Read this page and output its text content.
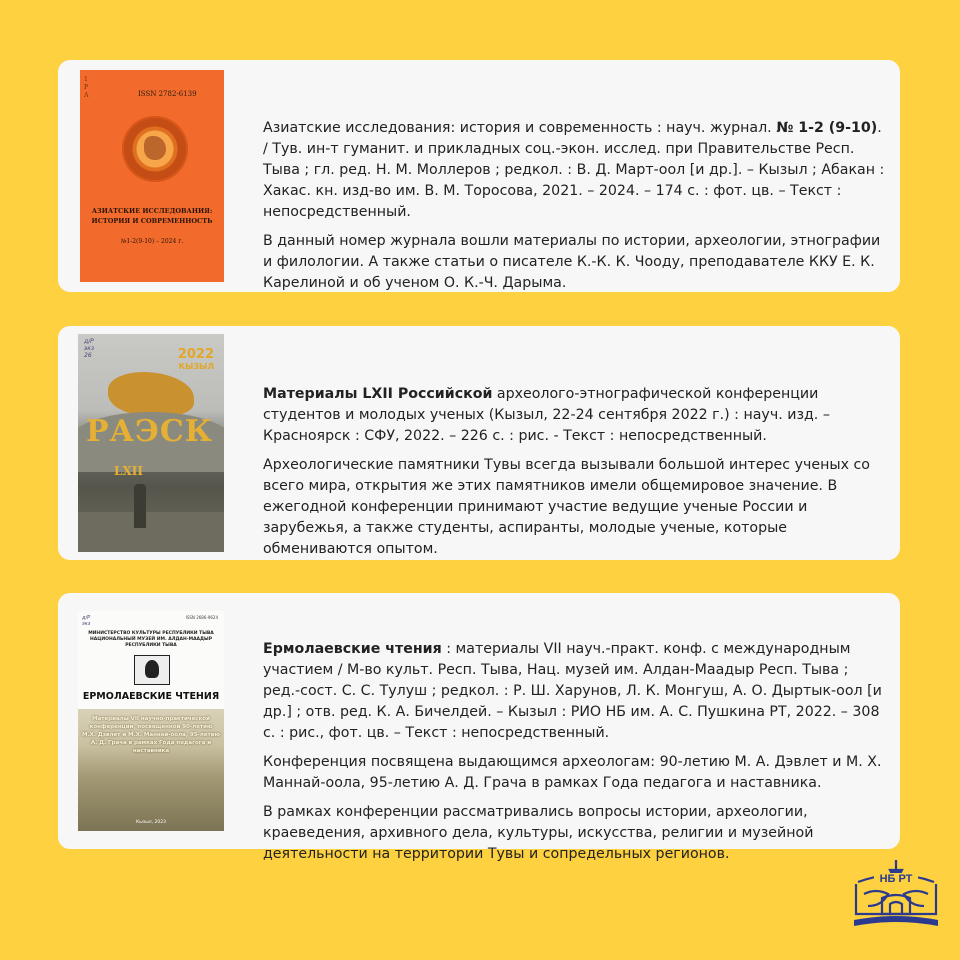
1
Р
А	ISSN 2782-6139
АЗИАТСКИЕ ИССЛЕДОВАНИЯ: ИСТОРИЯ И СОВРЕМЕННОСТЬ
№1-2(9-10) – 2024 г.

Азиатские исследования: история и современность : науч. журнал. № 1-2 (9-10). / Тув. ин-т гуманит. и прикладных соц.-экон. исслед. при Правительстве Респ. Тыва ; гл. ред. Н. М. Моллеров ; редкол. : В. Д. Март-оол [и др.]. – Кызыл ; Абакан : Хакас. кн. изд-во им. В. М. Торосова, 2021. – 2024. – 174 с. : фот. цв. – Текст : непосредственный.

В данный номер журнала вошли материалы по истории, археологии, этнографии и филологии. А также статьи о писателе К.-К. К. Чооду, преподавателе ККУ Е. К. Карелиной и об ученом О. К.-Ч. Дарыма.

д/Р
экз
26	2022
КЫЗЫЛ
РАЭСК
LXII

Материалы LXII Российской археолого-этнографической конференции студентов и молодых ученых (Кызыл, 22-24 сентября 2022 г.) : науч. изд. – Красноярск : СФУ, 2022. – 226 с. : рис. - Текст : непосредственный.

Археологические памятники Тувы всегда вызывали большой интерес ученых со всего мира, открытия же этих памятников имели общемировое значение. В ежегодной конференции принимают участие ведущие ученые России и зарубежья, а также студенты, аспиранты, молодые ученые, которые обмениваются опытом.

д/Р
экз
ISSN 2686-9624
МИНИСТЕРСТВО КУЛЬТУРЫ РЕСПУБЛИКИ ТЫВА НАЦИОНАЛЬНЫЙ МУЗЕЙ ИМ. АЛДАН-МААДЫР РЕСПУБЛИКИ ТЫВА
ЕРМОЛАЕВСКИЕ ЧТЕНИЯ
Материалы VII научно-практической конференции, посвященной 90-летию М.Х. Дэвлет и М.Х. Манней-оола, 95-летию А. Д. Грача в рамках Года педагога и наставника
Кызыл, 2023

Ермолаевские чтения : материалы VII науч.-практ. конф. с международным участием / М-во культ. Респ. Тыва, Нац. музей им. Алдан-Маадыр Респ. Тыва ; ред.-сост. С. С. Тулуш ; редкол. : Р. Ш. Харунов, Л. К. Монгуш, А. О. Дыртык-оол [и др.] ; отв. ред. К. А. Бичелдей. – Кызыл : РИО НБ им. А. С. Пушкина РТ, 2022. – 308 с. : рис., фот. цв. – Текст : непосредственный.

Конференция посвящена выдающимся археологам: 90-летию М. А. Дэвлет и М. Х. Маннай-оола, 95-летию А. Д. Грача в рамках Года педагога и наставника.

В рамках конференции рассматривались вопросы истории, археологии, краеведения, архивного дела, культуры, искусства, религии и музейной деятельности на территории Тувы и сопредельных регионов.

НБ РТ
